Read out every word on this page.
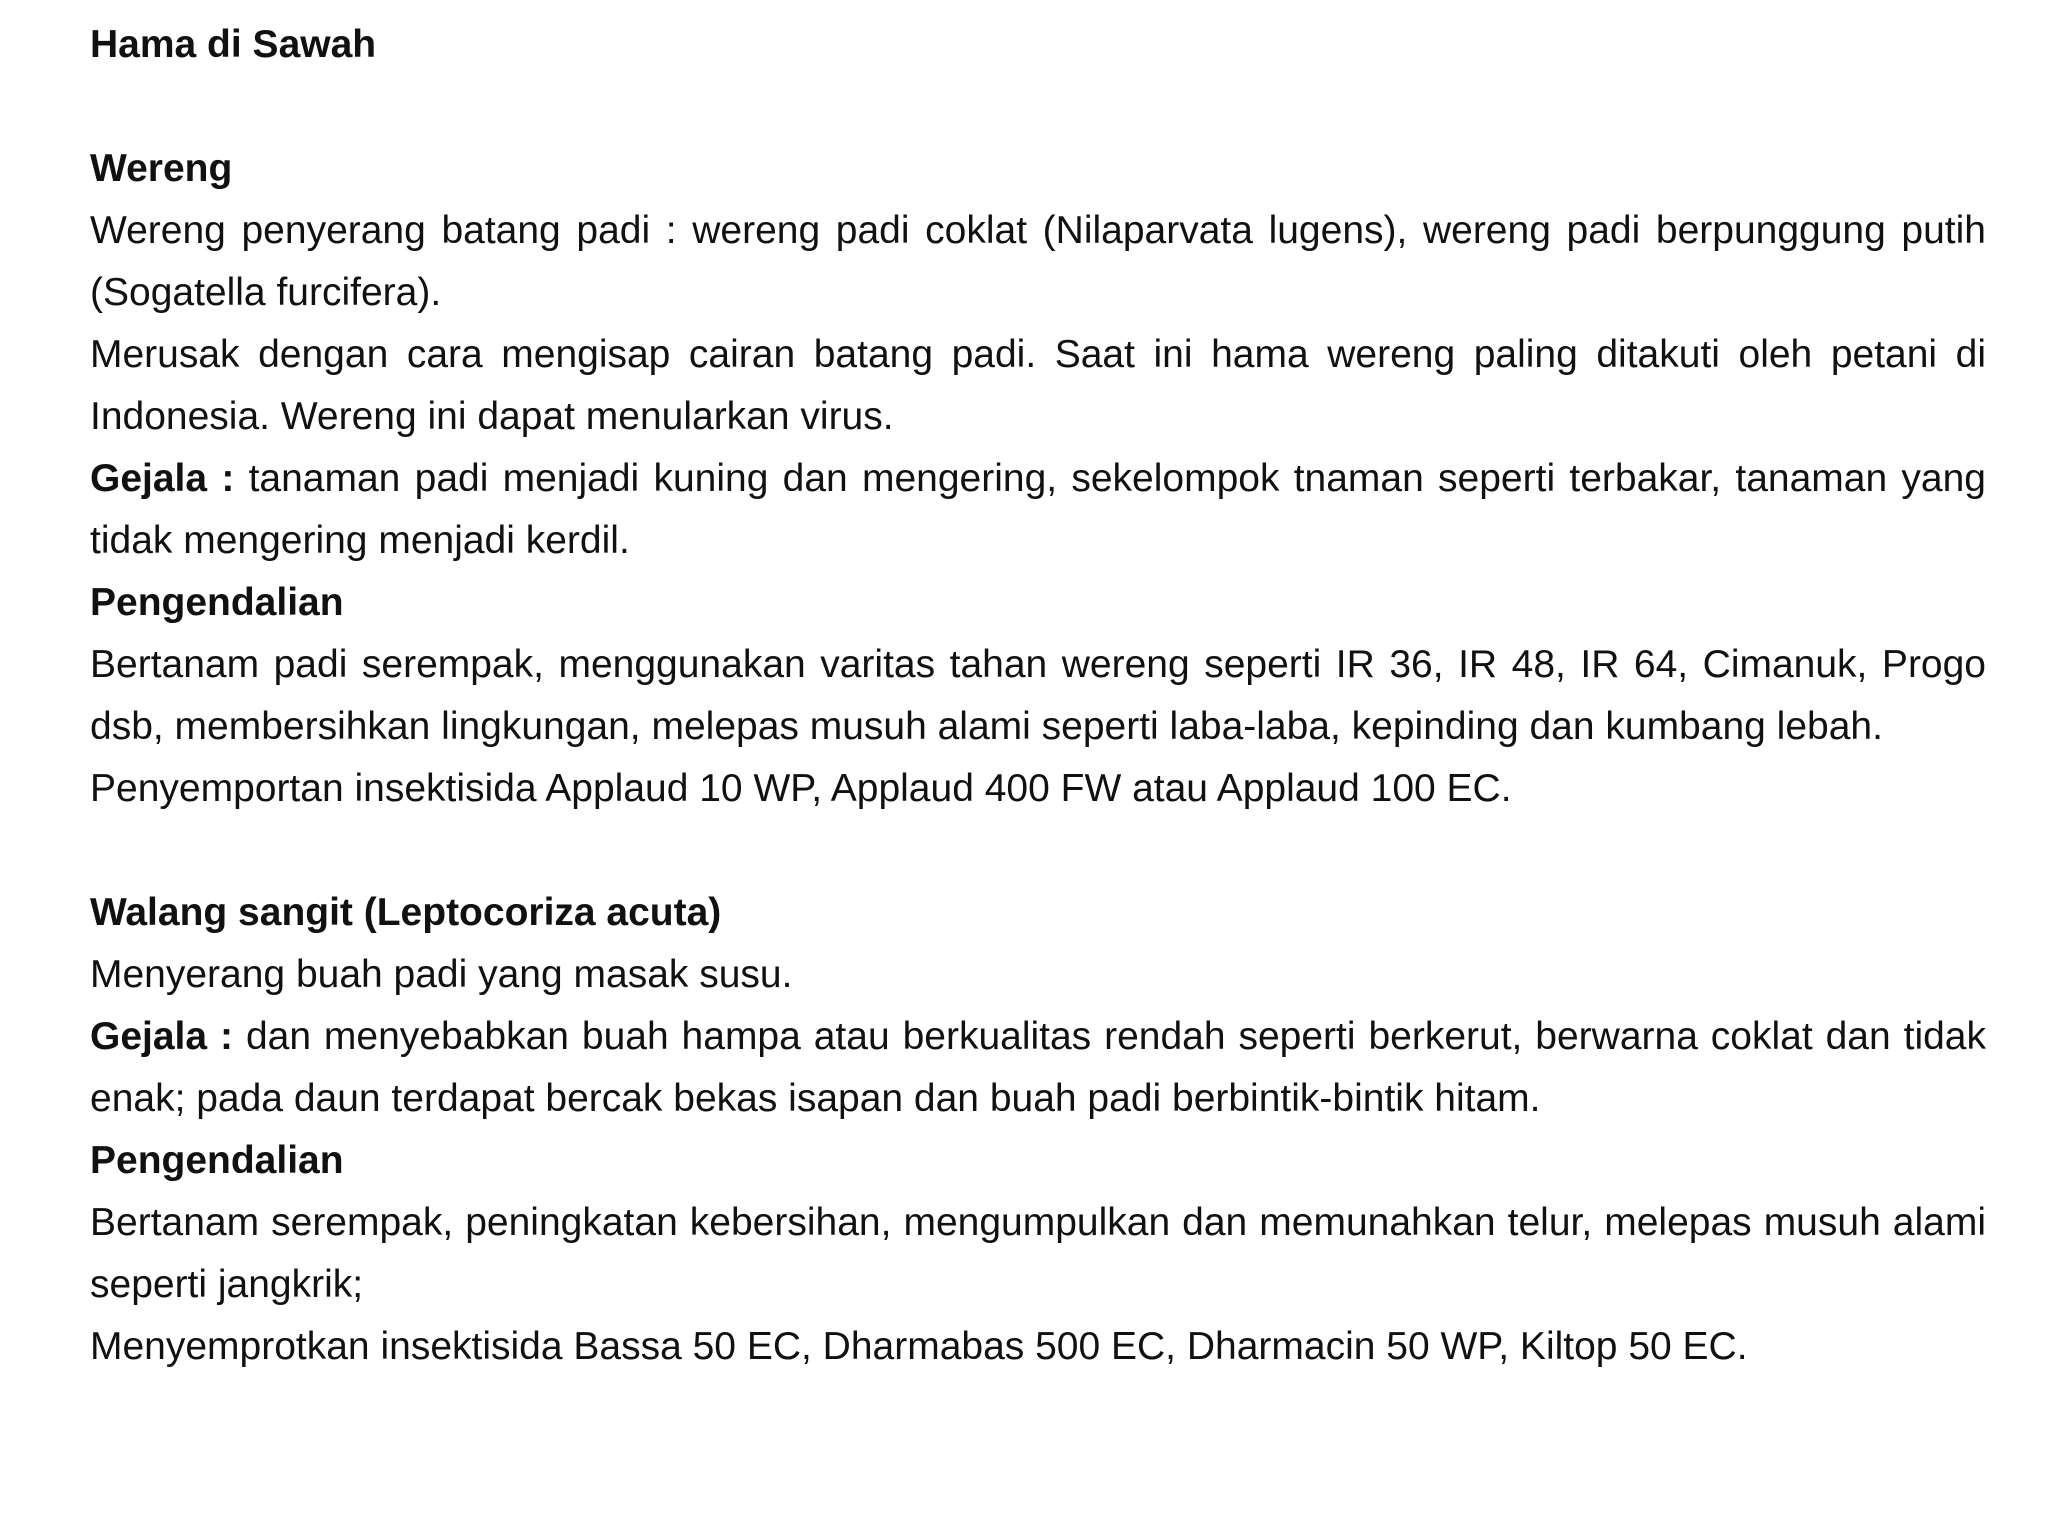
Hama di Sawah

Wereng

Wereng penyerang batang padi : wereng padi coklat (Nilaparvata lugens), wereng padi berpunggung putih (Sogatella furcifera).

Merusak dengan cara mengisap cairan batang padi. Saat ini hama wereng paling ditakuti oleh petani di Indonesia. Wereng ini dapat menularkan virus.

Gejala : tanaman padi menjadi kuning dan mengering, sekelompok tnaman seperti terbakar, tanaman yang tidak mengering menjadi kerdil.

Pengendalian

Bertanam padi serempak, menggunakan varitas tahan wereng seperti IR 36, IR 48, IR 64, Cimanuk, Progo dsb, membersihkan lingkungan, melepas musuh alami seperti laba-laba, kepinding dan kumbang lebah.

Penyemportan insektisida Applaud 10 WP, Applaud 400 FW atau Applaud 100 EC.

Walang sangit (Leptocoriza acuta)

Menyerang buah padi yang masak susu.

Gejala : dan menyebabkan buah hampa atau berkualitas rendah seperti berkerut, berwarna coklat dan tidak enak; pada daun terdapat bercak bekas isapan dan buah padi berbintik-bintik hitam.

Pengendalian

Bertanam serempak, peningkatan kebersihan, mengumpulkan dan memunahkan telur, melepas musuh alami seperti jangkrik;

Menyemprotkan insektisida Bassa 50 EC, Dharmabas 500 EC, Dharmacin 50 WP, Kiltop 50 EC.
